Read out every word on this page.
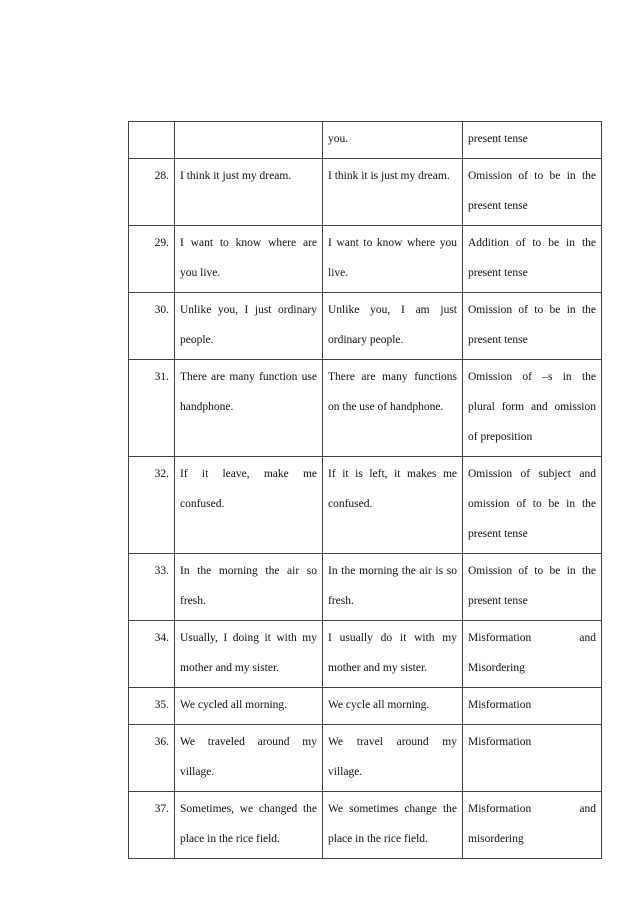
		you.	present tense
28.	I think it just my dream.	I think it is just my dream.	Omission of to be in the present tense
29.	I want to know where are you live.	I want to know where you live.	Addition of to be in the present tense
30.	Unlike you, I just ordinary people.	Unlike you, I am just ordinary people.	Omission of to be in the present tense
31.	There are many function use handphone.	There are many functions on the use of handphone.	Omission of –s in the plural form and omission of preposition
32.	If it leave, make me confused.	If it is left, it makes me confused.	Omission of subject and omission of to be in the present tense
33.	In the morning the air so fresh.	In the morning the air is so fresh.	Omission of to be in the present tense
34.	Usually, I doing it with my mother and my sister.	I usually do it with my mother and my sister.	Misformation and Misordering
35.	We cycled all morning.	We cycle all morning.	Misformation
36.	We traveled around my village.	We travel around my village.	Misformation
37.	Sometimes, we changed the place in the rice field.	We sometimes change the place in the rice field.	Misformation and misordering
